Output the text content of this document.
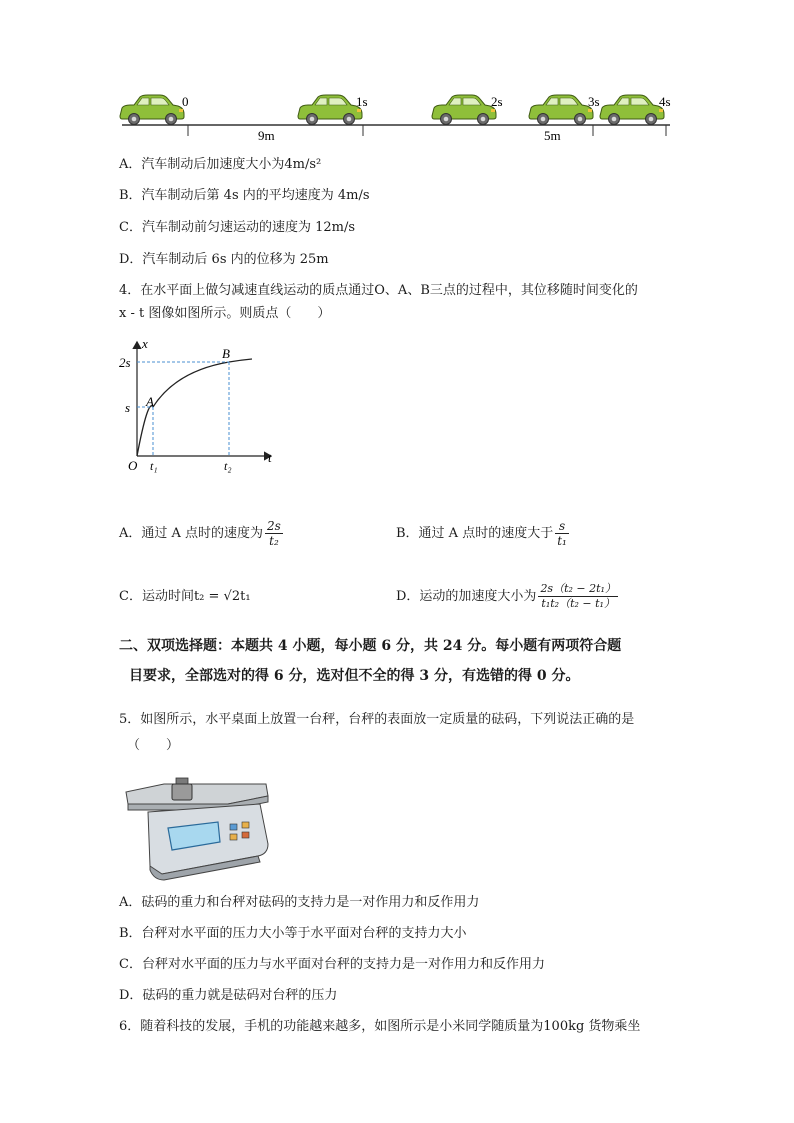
0	1s	2s	3s	4s
9m	5m
A．汽车制动后加速度大小为4m/s²
B．汽车制动后第 4s 内的平均速度为 4m/s
C．汽车制动前匀速运动的速度为 12m/s
D．汽车制动后 6s 内的位移为 25m
4．在水平面上做匀减速直线运动的质点通过O、A、B三点的过程中，其位移随时间变化的
x - t 图像如图所示。则质点（　　）
x
t
O
2s
s
t₁	t₂
A
B
A．通过 A 点时的速度为 $\frac{2s}{\text{t₂}}$	B．通过 A 点时的速度大于 $\frac{s}{\text{t₁}}$
C．运动时间t₂ = √2t₁	D．运动的加速度大小为 $\frac{\text{2s（t₂ − 2t₁）}}{\text{t₁t₂（t₂ − t₁）}}$
二、双项选择题：本题共 4 小题，每小题 6 分，共 24 分。每小题有两项符合题
目要求，全部选对的得 6 分，选对但不全的得 3 分，有选错的得 0 分。
5．如图所示，水平桌面上放置一台秤，台秤的表面放一定质量的砝码，下列说法正确的是
（　　）
A．砝码的重力和台秤对砝码的支持力是一对作用力和反作用力
B．台秤对水平面的压力大小等于水平面对台秤的支持力大小
C．台秤对水平面的压力与水平面对台秤的支持力是一对作用力和反作用力
D．砝码的重力就是砝码对台秤的压力
6．随着科技的发展，手机的功能越来越多，如图所示是小米同学随质量为100kg 货物乘坐
